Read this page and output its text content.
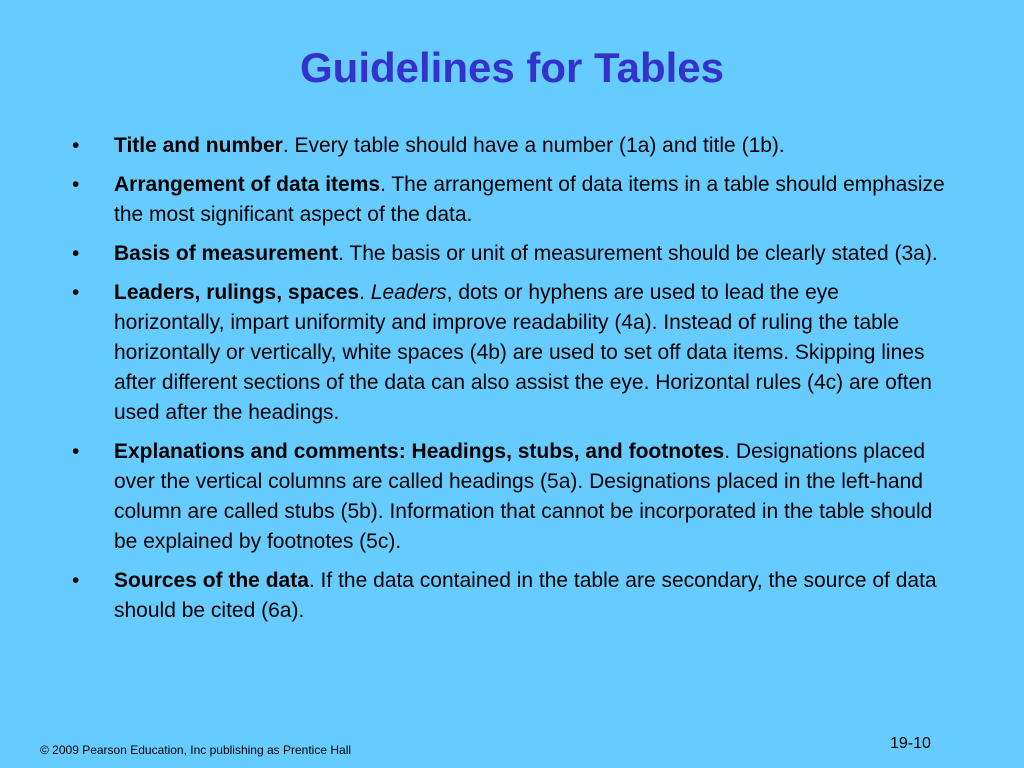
Guidelines for Tables
•	Title and number. Every table should have a number (1a) and title (1b).
•	Arrangement of data items. The arrangement of data items in a table should emphasize the most significant aspect of the data.
•	Basis of measurement. The basis or unit of measurement should be clearly stated (3a).
•	Leaders, rulings, spaces. Leaders, dots or hyphens are used to lead the eye horizontally, impart uniformity and improve readability (4a). Instead of ruling the table horizontally or vertically, white spaces (4b) are used to set off data items. Skipping lines after different sections of the data can also assist the eye. Horizontal rules (4c) are often used after the headings.
•	Explanations and comments: Headings, stubs, and footnotes. Designations placed over the vertical columns are called headings (5a). Designations placed in the left-hand column are called stubs (5b). Information that cannot be incorporated in the table should be explained by footnotes (5c).
•	Sources of the data. If the data contained in the table are secondary, the source of data should be cited (6a).
© 2009 Pearson Education, Inc publishing as Prentice Hall	19-10
